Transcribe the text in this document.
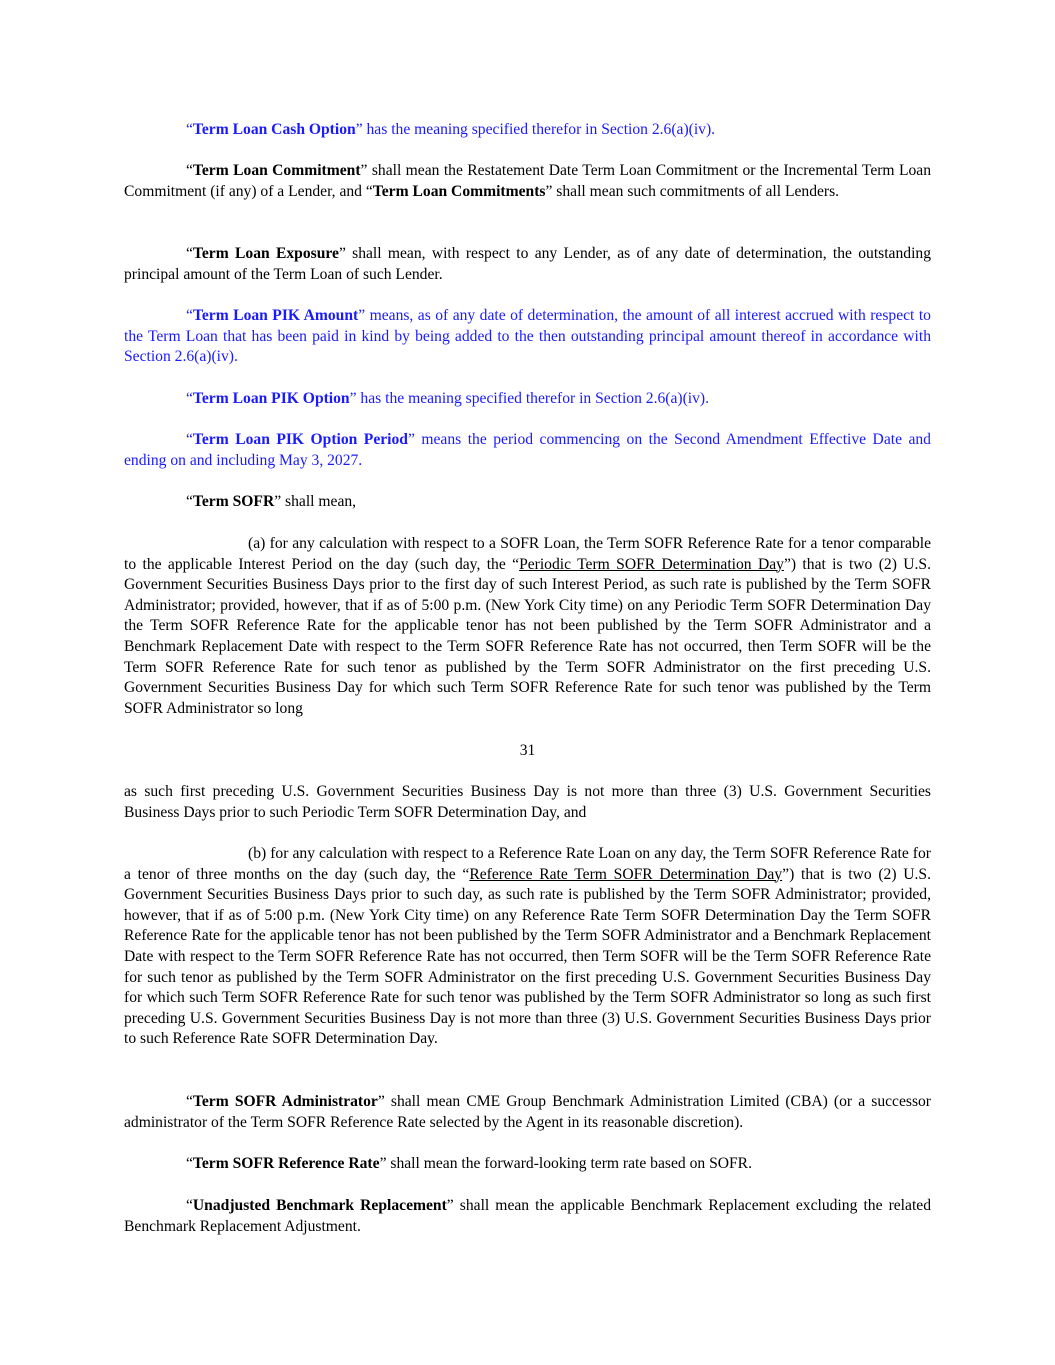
“Term Loan Cash Option” has the meaning specified therefor in Section 2.6(a)(iv).

“Term Loan Commitment” shall mean the Restatement Date Term Loan Commitment or the Incremental Term Loan Commitment (if any) of a Lender, and “Term Loan Commitments” shall mean such commitments of all Lenders.

“Term Loan Exposure” shall mean, with respect to any Lender, as of any date of determination, the outstanding principal amount of the Term Loan of such Lender.

“Term Loan PIK Amount” means, as of any date of determination, the amount of all interest accrued with respect to the Term Loan that has been paid in kind by being added to the then outstanding principal amount thereof in accordance with Section 2.6(a)(iv).

“Term Loan PIK Option” has the meaning specified therefor in Section 2.6(a)(iv).

“Term Loan PIK Option Period” means the period commencing on the Second Amendment Effective Date and ending on and including May 3, 2027.

“Term SOFR” shall mean,

(a) for any calculation with respect to a SOFR Loan, the Term SOFR Reference Rate for a tenor comparable to the applicable Interest Period on the day (such day, the “Periodic Term SOFR Determination Day”) that is two (2) U.S. Government Securities Business Days prior to the first day of such Interest Period, as such rate is published by the Term SOFR Administrator; provided, however, that if as of 5:00 p.m. (New York City time) on any Periodic Term SOFR Determination Day the Term SOFR Reference Rate for the applicable tenor has not been published by the Term SOFR Administrator and a Benchmark Replacement Date with respect to the Term SOFR Reference Rate has not occurred, then Term SOFR will be the Term SOFR Reference Rate for such tenor as published by the Term SOFR Administrator on the first preceding U.S. Government Securities Business Day for which such Term SOFR Reference Rate for such tenor was published by the Term SOFR Administrator so long

31

as such first preceding U.S. Government Securities Business Day is not more than three (3) U.S. Government Securities Business Days prior to such Periodic Term SOFR Determination Day, and

(b) for any calculation with respect to a Reference Rate Loan on any day, the Term SOFR Reference Rate for a tenor of three months on the day (such day, the “Reference Rate Term SOFR Determination Day”) that is two (2) U.S. Government Securities Business Days prior to such day, as such rate is published by the Term SOFR Administrator; provided, however, that if as of 5:00 p.m. (New York City time) on any Reference Rate Term SOFR Determination Day the Term SOFR Reference Rate for the applicable tenor has not been published by the Term SOFR Administrator and a Benchmark Replacement Date with respect to the Term SOFR Reference Rate has not occurred, then Term SOFR will be the Term SOFR Reference Rate for such tenor as published by the Term SOFR Administrator on the first preceding U.S. Government Securities Business Day for which such Term SOFR Reference Rate for such tenor was published by the Term SOFR Administrator so long as such first preceding U.S. Government Securities Business Day is not more than three (3) U.S. Government Securities Business Days prior to such Reference Rate SOFR Determination Day.

“Term SOFR Administrator” shall mean CME Group Benchmark Administration Limited (CBA) (or a successor administrator of the Term SOFR Reference Rate selected by the Agent in its reasonable discretion).

“Term SOFR Reference Rate” shall mean the forward-looking term rate based on SOFR.

“Unadjusted Benchmark Replacement” shall mean the applicable Benchmark Replacement excluding the related Benchmark Replacement Adjustment.
